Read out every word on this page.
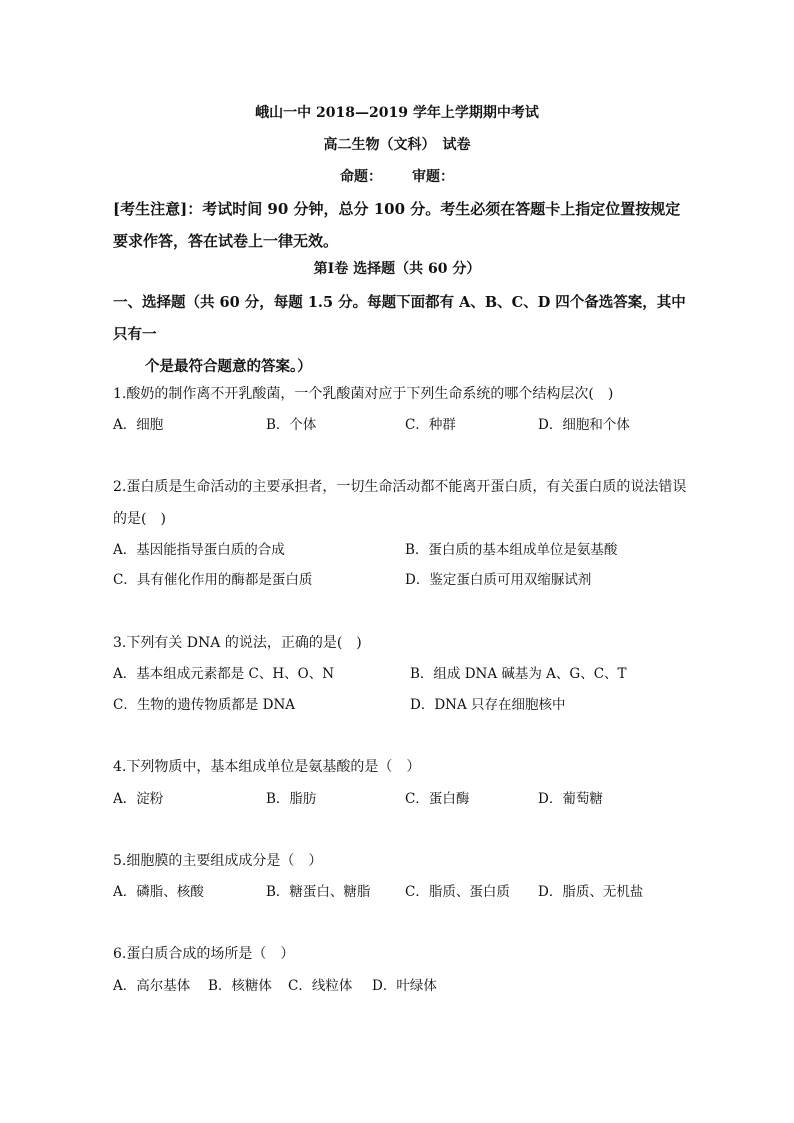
峨山一中 2018—2019 学年上学期期中考试
高二生物（文科）　试卷
命题： 审题：
[考生注意]：考试时间 90 分钟，总分 100 分。考生必须在答题卡上指定位置按规定要求作答，答在试卷上一律无效。
第Ⅰ卷 选择题（共 60 分）
一、选择题（共 60 分，每题 1.5 分。每题下面都有 A、B、C、D 四个备选答案，其中只有一
个是最符合题意的答案。）
1.酸奶的制作离不开乳酸菌，一个乳酸菌对应于下列生命系统的哪个结构层次(　)
A．细胞	B．个体	C．种群	D．细胞和个体
2.蛋白质是生命活动的主要承担者，一切生命活动都不能离开蛋白质，有关蛋白质的说法错误的是(　)
A．基因能指导蛋白质的合成	B．蛋白质的基本组成单位是氨基酸
C．具有催化作用的酶都是蛋白质	D．鉴定蛋白质可用双缩脲试剂
3.下列有关 DNA 的说法，正确的是(　)
A．基本组成元素都是 C、H、O、N	B．组成 DNA 碱基为 A、G、C、T
C．生物的遗传物质都是 DNA	D．DNA 只存在细胞核中
4.下列物质中，基本组成单位是氨基酸的是（　）
A．淀粉	B．脂肪	C．蛋白酶	D．葡萄糖
5.细胞膜的主要组成成分是（　）
A．磷脂、核酸	B．糖蛋白、糖脂	C．脂质、蛋白质 D．脂质、无机盐
6.蛋白质合成的场所是（　）
A．高尔基体 B．核糖体 C．线粒体 D．叶绿体
